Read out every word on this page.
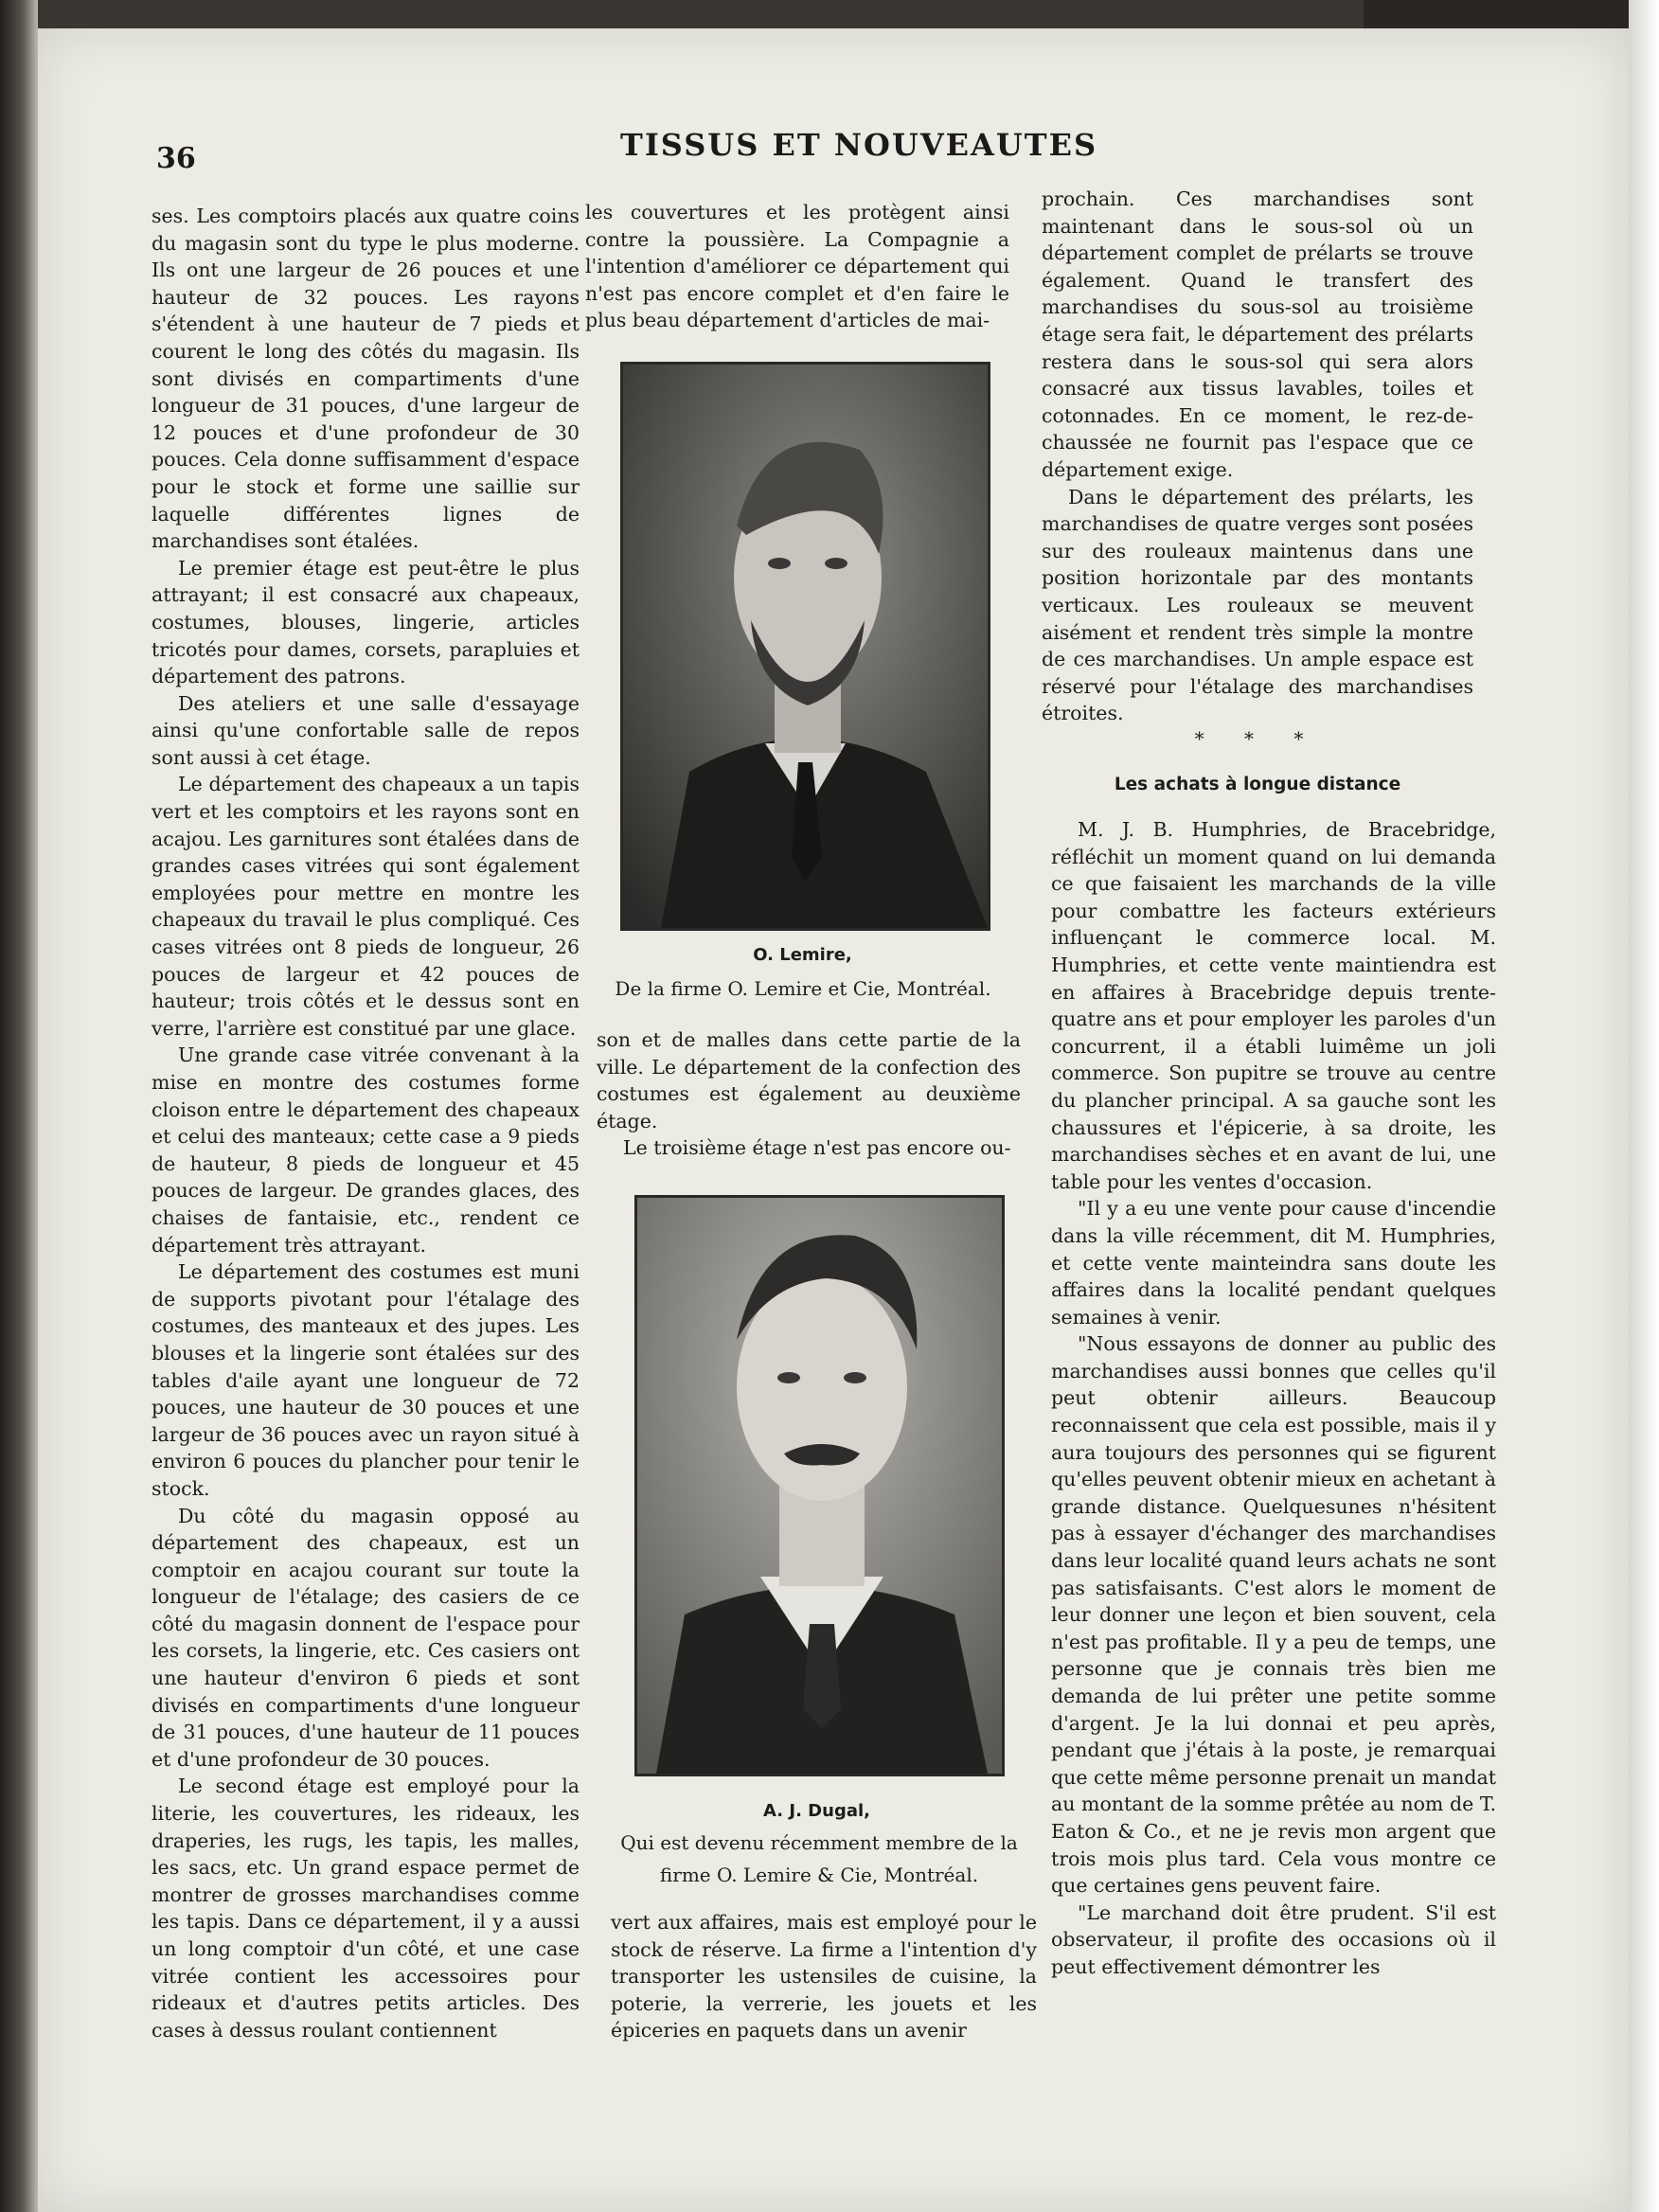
36	TISSUS ET NOUVEAUTES

ses. Les comptoirs placés aux quatre coins du magasin sont du type le plus moderne. Ils ont une largeur de 26 pouces et une hauteur de 32 pouces. Les rayons s'étendent à une hauteur de 7 pieds et courent le long des côtés du magasin. Ils sont divisés en compartiments d'une longueur de 31 pouces, d'une largeur de 12 pouces et d'une profondeur de 30 pouces. Cela donne suffisamment d'espace pour le stock et forme une saillie sur laquelle différentes lignes de marchandises sont étalées.

Le premier étage est peut-être le plus attrayant; il est consacré aux chapeaux, costumes, blouses, lingerie, articles tricotés pour dames, corsets, parapluies et département des patrons.

Des ateliers et une salle d'essayage ainsi qu'une confortable salle de repos sont aussi à cet étage.

Le département des chapeaux a un tapis vert et les comptoirs et les rayons sont en acajou. Les garnitures sont étalées dans de grandes cases vitrées qui sont également employées pour mettre en montre les chapeaux du travail le plus compliqué. Ces cases vitrées ont 8 pieds de longueur, 26 pouces de largeur et 42 pouces de hauteur; trois côtés et le dessus sont en verre, l'arrière est constitué par une glace.

Une grande case vitrée convenant à la mise en montre des costumes forme cloison entre le département des chapeaux et celui des manteaux; cette case a 9 pieds de hauteur, 8 pieds de longueur et 45 pouces de largeur. De grandes glaces, des chaises de fantaisie, etc., rendent ce département très attrayant.

Le département des costumes est muni de supports pivotant pour l'étalage des costumes, des manteaux et des jupes. Les blouses et la lingerie sont étalées sur des tables d'aile ayant une longueur de 72 pouces, une hauteur de 30 pouces et une largeur de 36 pouces avec un rayon situé à environ 6 pouces du plancher pour tenir le stock.

Du côté du magasin opposé au département des chapeaux, est un comptoir en acajou courant sur toute la longueur de l'étalage; des casiers de ce côté du magasin donnent de l'espace pour les corsets, la lingerie, etc. Ces casiers ont une hauteur d'environ 6 pieds et sont divisés en compartiments d'une longueur de 31 pouces, d'une hauteur de 11 pouces et d'une profondeur de 30 pouces.

Le second étage est employé pour la literie, les couvertures, les rideaux, les draperies, les rugs, les tapis, les malles, les sacs, etc. Un grand espace permet de montrer de grosses marchandises comme les tapis. Dans ce département, il y a aussi un long comptoir d'un côté, et une case vitrée contient les accessoires pour rideaux et d'autres petits articles. Des cases à dessus roulant contiennent

les couvertures et les protègent ainsi contre la poussière. La Compagnie a l'intention d'améliorer ce département qui n'est pas encore complet et d'en faire le plus beau département d'articles de mai-

O. Lemire,
De la firme O. Lemire et Cie, Montréal.

son et de malles dans cette partie de la ville. Le département de la confection des costumes est également au deuxième étage.

Le troisième étage n'est pas encore ou-

A. J. Dugal,
Qui est devenu récemment membre de la
firme O. Lemire & Cie, Montréal.

vert aux affaires, mais est employé pour le stock de réserve. La firme a l'intention d'y transporter les ustensiles de cuisine, la poterie, la verrerie, les jouets et les épiceries en paquets dans un avenir

prochain. Ces marchandises sont maintenant dans le sous-sol où un département complet de prélarts se trouve également. Quand le transfert des marchandises du sous-sol au troisième étage sera fait, le département des prélarts restera dans le sous-sol qui sera alors consacré aux tissus lavables, toiles et cotonnades. En ce moment, le rez-de-chaussée ne fournit pas l'espace que ce département exige.

Dans le département des prélarts, les marchandises de quatre verges sont posées sur des rouleaux maintenus dans une position horizontale par des montants verticaux. Les rouleaux se meuvent aisément et rendent très simple la montre de ces marchandises. Un ample espace est réservé pour l'étalage des marchandises étroites.

* * *
Les achats à longue distance

M. J. B. Humphries, de Bracebridge, réfléchit un moment quand on lui demanda ce que faisaient les marchands de la ville pour combattre les facteurs extérieurs influençant le commerce local. M. Humphries, et cette vente maintiendra est en affaires à Bracebridge depuis trente-quatre ans et pour employer les paroles d'un concurrent, il a établi luimême un joli commerce. Son pupitre se trouve au centre du plancher principal. A sa gauche sont les chaussures et l'épicerie, à sa droite, les marchandises sèches et en avant de lui, une table pour les ventes d'occasion.

"Il y a eu une vente pour cause d'incendie dans la ville récemment, dit M. Humphries, et cette vente mainteindra sans doute les affaires dans la localité pendant quelques semaines à venir.

"Nous essayons de donner au public des marchandises aussi bonnes que celles qu'il peut obtenir ailleurs. Beaucoup reconnaissent que cela est possible, mais il y aura toujours des personnes qui se figurent qu'elles peuvent obtenir mieux en achetant à grande distance. Quelquesunes n'hésitent pas à essayer d'échanger des marchandises dans leur localité quand leurs achats ne sont pas satisfaisants. C'est alors le moment de leur donner une leçon et bien souvent, cela n'est pas profitable. Il y a peu de temps, une personne que je connais très bien me demanda de lui prêter une petite somme d'argent. Je la lui donnai et peu après, pendant que j'étais à la poste, je remarquai que cette même personne prenait un mandat au montant de la somme prêtée au nom de T. Eaton & Co., et ne je revis mon argent que trois mois plus tard. Cela vous montre ce que certaines gens peuvent faire.

"Le marchand doit être prudent. S'il est observateur, il profite des occasions où il peut effectivement démontrer les
